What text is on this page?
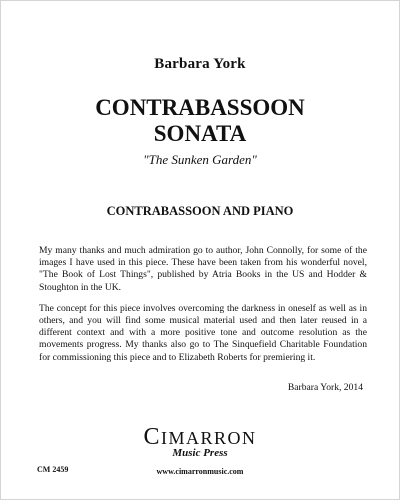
Barbara York
CONTRABASSOON
SONATA
"The Sunken Garden"
CONTRABASSOON AND PIANO

My many thanks and much admiration go to author, John Connolly, for some of the images I have used in this piece. These have been taken from his wonderful novel, "The Book of Lost Things", published by Atria Books in the US and Hodder & Stoughton in the UK.

The concept for this piece involves overcoming the darkness in oneself as well as in others, and you will find some musical material used and then later reused in a different context and with a more positive tone and outcome resolution as the movements progress. My thanks also go to The Sinquefield Charitable Foundation for commissioning this piece and to Elizabeth Roberts for premiering it.

Barbara York, 2014
CM 2459
CIMARRON
Music Press
www.cimarronmusic.com
